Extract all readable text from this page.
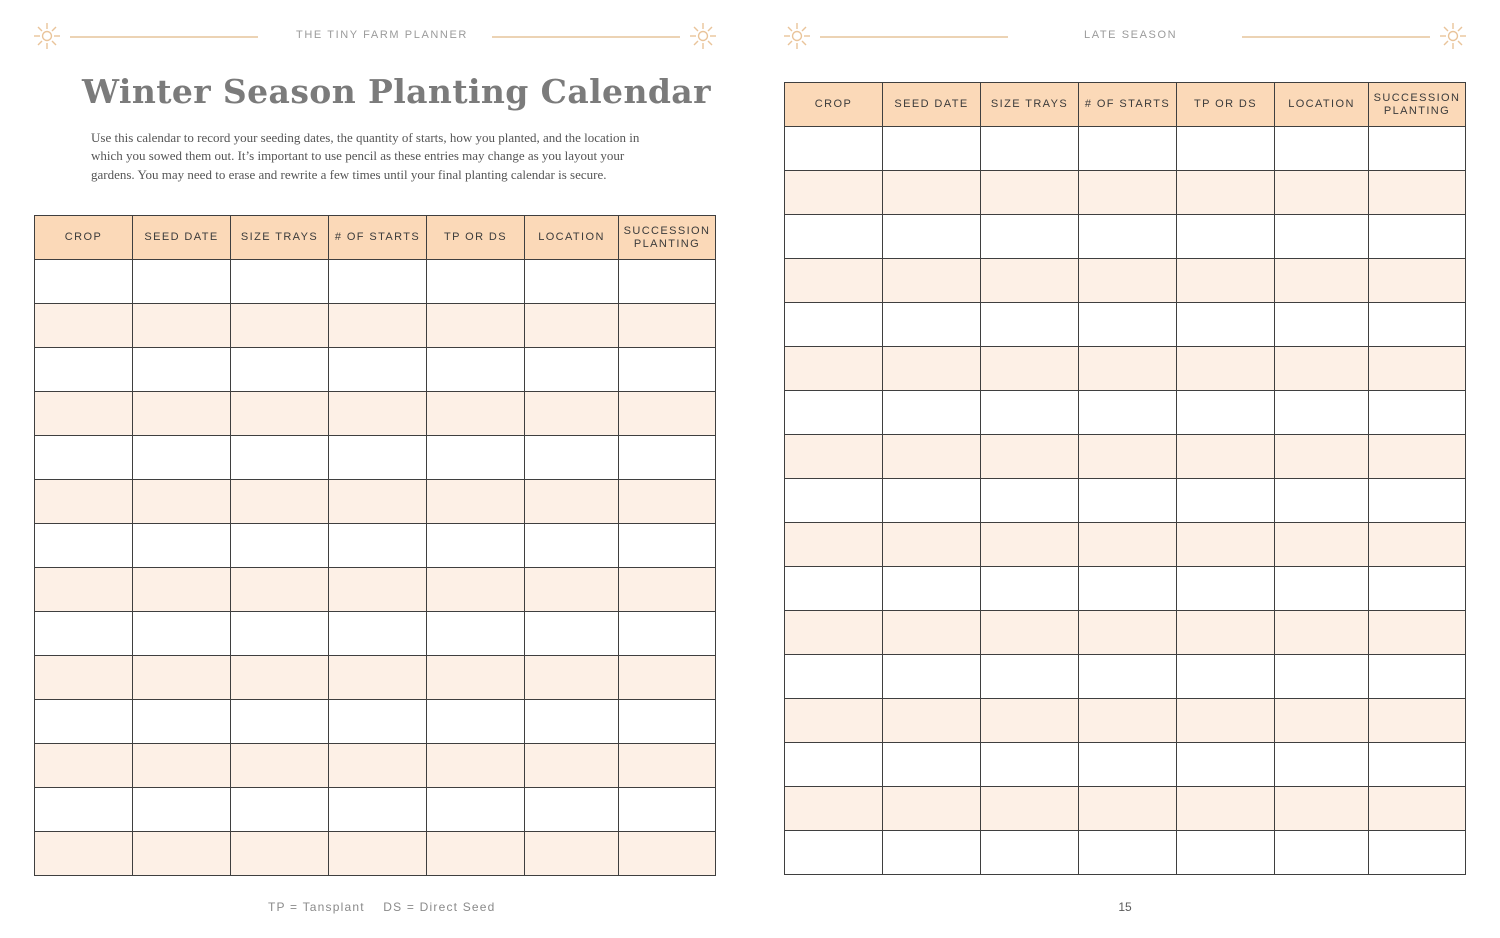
THE TINY FARM PLANNER	LATE SEASON
Winter Season Planting Calendar

Use this calendar to record your seeding dates, the quantity of starts, how you planted, and the location in which you sowed them out. It’s important to use pencil as these entries may change as you layout your gardens. You may need to erase and rewrite a few times until your final planting calendar is secure.

CROP	SEED DATE	SIZE TRAYS	# OF STARTS	TP OR DS	LOCATION	SUCCESSION PLANTING

TP = Tansplant DS = Direct Seed
CROP	SEED DATE	SIZE TRAYS	# OF STARTS	TP OR DS	LOCATION	SUCCESSION PLANTING

15
